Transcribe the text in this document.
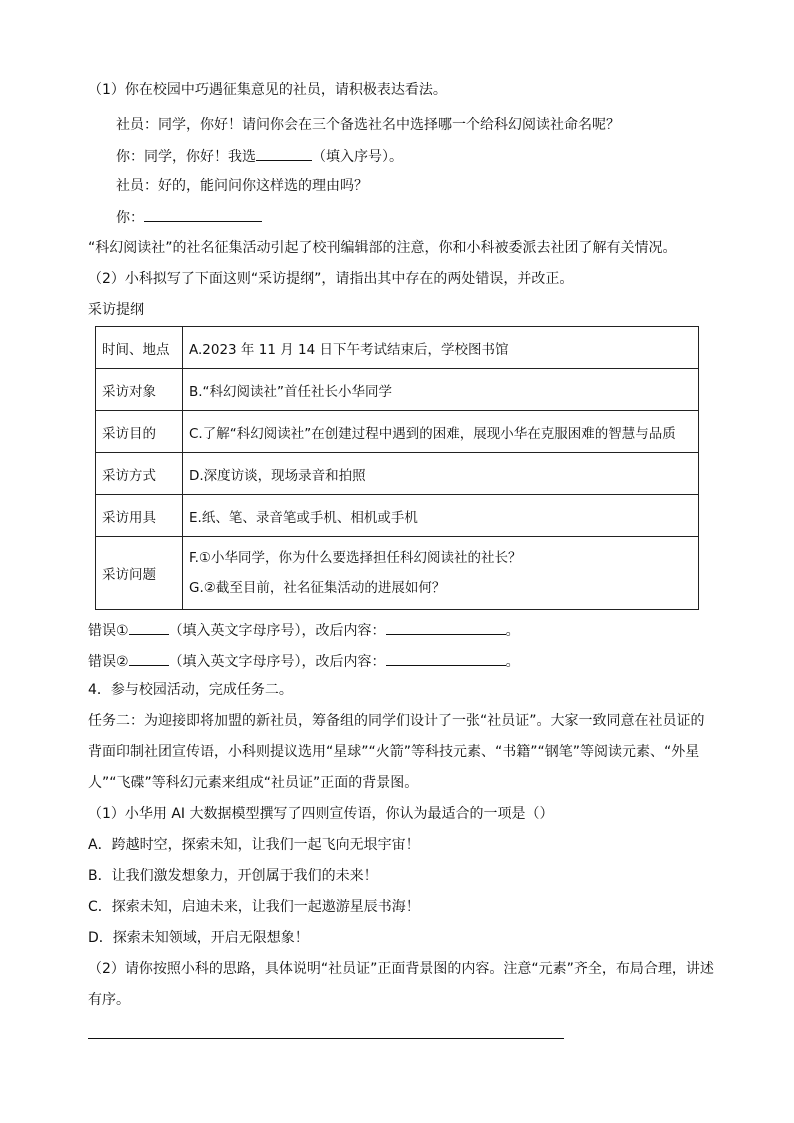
（1）你在校园中巧遇征集意见的社员，请积极表达看法。
社员：同学，你好！请问你会在三个备选社名中选择哪一个给科幻阅读社命名呢？
你：同学，你好！我选	（填入序号）。
社员：好的，能问问你这样选的理由吗？
你：
“科幻阅读社”的社名征集活动引起了校刊编辑部的注意，你和小科被委派去社团了解有关情况。
（2）小科拟写了下面这则“采访提纲”，请指出其中存在的两处错误，并改正。
采访提纲
时间、地点	A.2023 年 11 月 14 日下午考试结束后，学校图书馆
采访对象	B.“科幻阅读社”首任社长小华同学
采访目的	C.了解“科幻阅读社”在创建过程中遇到的困难，展现小华在克服困难的智慧与品质
采访方式	D.深度访谈，现场录音和拍照
采访用具	E.纸、笔、录音笔或手机、相机或手机
采访问题	F.①小华同学，你为什么要选择担任科幻阅读社的社长？
G.②截至目前，社名征集活动的进展如何？
错误①	（填入英文字母序号），改后内容：	。
错误②	（填入英文字母序号），改后内容：	。
4．参与校园活动，完成任务二。
任务二：为迎接即将加盟的新社员，筹备组的同学们设计了一张“社员证”。大家一致同意在社员证的
背面印制社团宣传语，小科则提议选用“星球”“火箭”等科技元素、“书籍”“钢笔”等阅读元素、“外星
人”“飞碟”等科幻元素来组成“社员证”正面的背景图。
（1）小华用 AI 大数据模型撰写了四则宣传语，你认为最适合的一项是（）
A．跨越时空，探索未知，让我们一起飞向无垠宇宙！
B．让我们激发想象力，开创属于我们的未来！
C．探索未知，启迪未来，让我们一起遨游星辰书海！
D．探索未知领域，开启无限想象！
（2）请你按照小科的思路，具体说明“社员证”正面背景图的内容。注意“元素”齐全，布局合理，讲述
有序。
